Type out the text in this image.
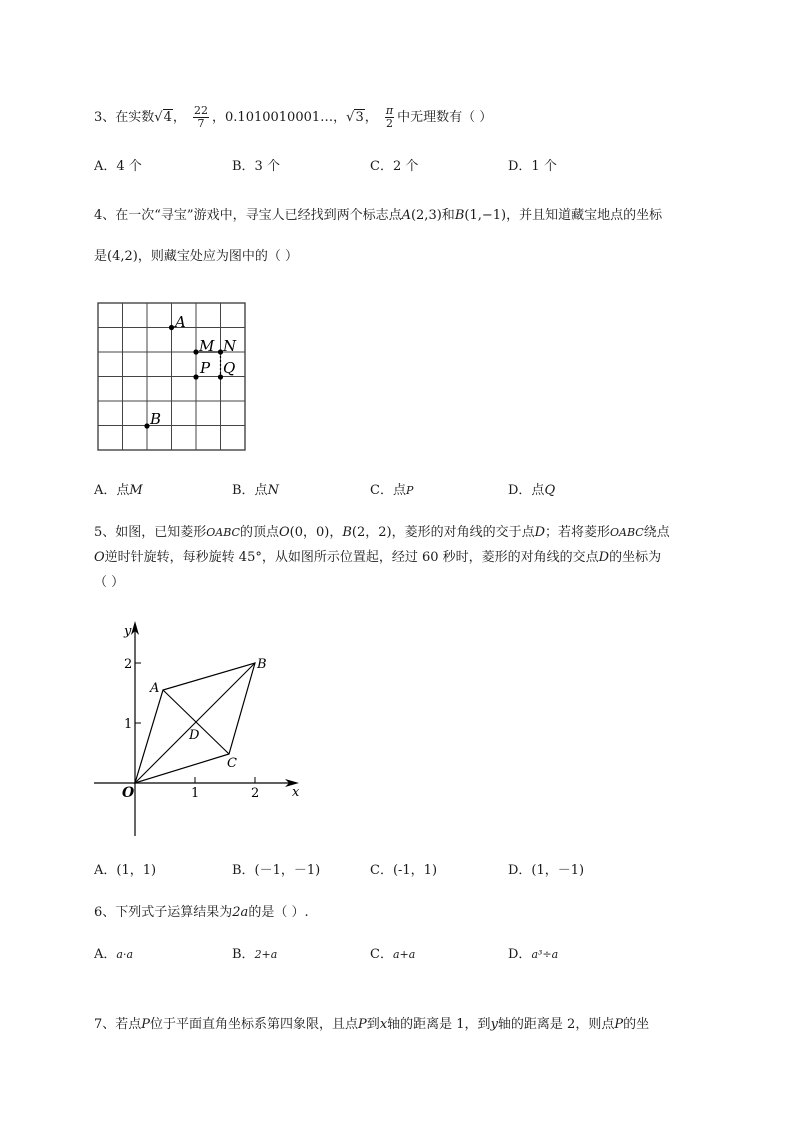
3、在实数√4， $\frac{22}{7}$ ，0.1010010001…，√3， $\frac{\pi}{2}$ 中无理数有（ ）
A．4 个	B．3 个	C．2 个	D．1 个
4、在一次“寻宝”游戏中，寻宝人已经找到两个标志点A(2,3)和B(1,−1)，并且知道藏宝地点的坐标
是(4,2)，则藏宝处应为图中的（ ）
A
M N
P Q
B
A．点M	B．点N	C．点P	D．点Q
5、如图，已知菱形OABC的顶点O(0，0)，B(2，2)，菱形的对角线的交于点D；若将菱形OABC绕点
O逆时针旋转，每秒旋转 45°，从如图所示位置起，经过 60 秒时，菱形的对角线的交点D的坐标为
（ ）
y
x
2
1
1	2
O
A
B
C
D
A．(1，1)	B．(－1，－1)	C．(-1，1)	D．(1，－1)
6、下列式子运算结果为2a的是（ ）.
A．a·a	B．2+a	C．a+a	D．a³÷a
7、若点P位于平面直角坐标系第四象限，且点P到x轴的距离是 1，到y轴的距离是 2，则点P的坐
